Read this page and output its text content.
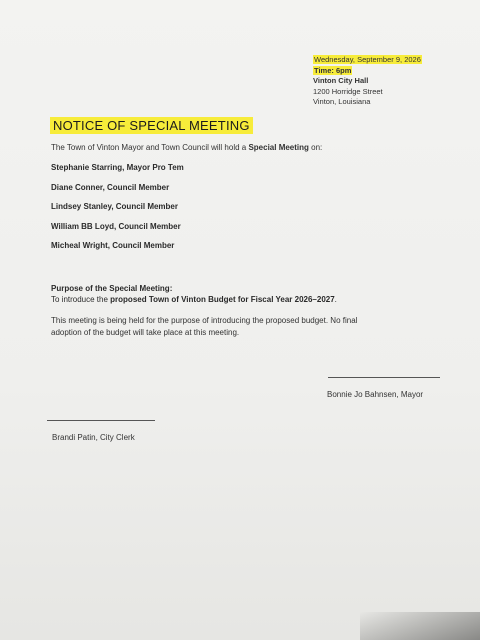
Wednesday, September 9, 2026
Time: 6pm
Vinton City Hall
1200 Horridge Street
Vinton, Louisiana
NOTICE OF SPECIAL MEETING
The Town of Vinton Mayor and Town Council will hold a Special Meeting on:
Stephanie Starring, Mayor Pro Tem
Diane Conner, Council Member
Lindsey Stanley, Council Member
William BB Loyd, Council Member
Micheal Wright, Council Member
Purpose of the Special Meeting:
To introduce the proposed Town of Vinton Budget for Fiscal Year 2026–2027.
This meeting is being held for the purpose of introducing the proposed budget. No final adoption of the budget will take place at this meeting.
Bonnie Jo Bahnsen, Mayor
Brandi Patin, City Clerk
